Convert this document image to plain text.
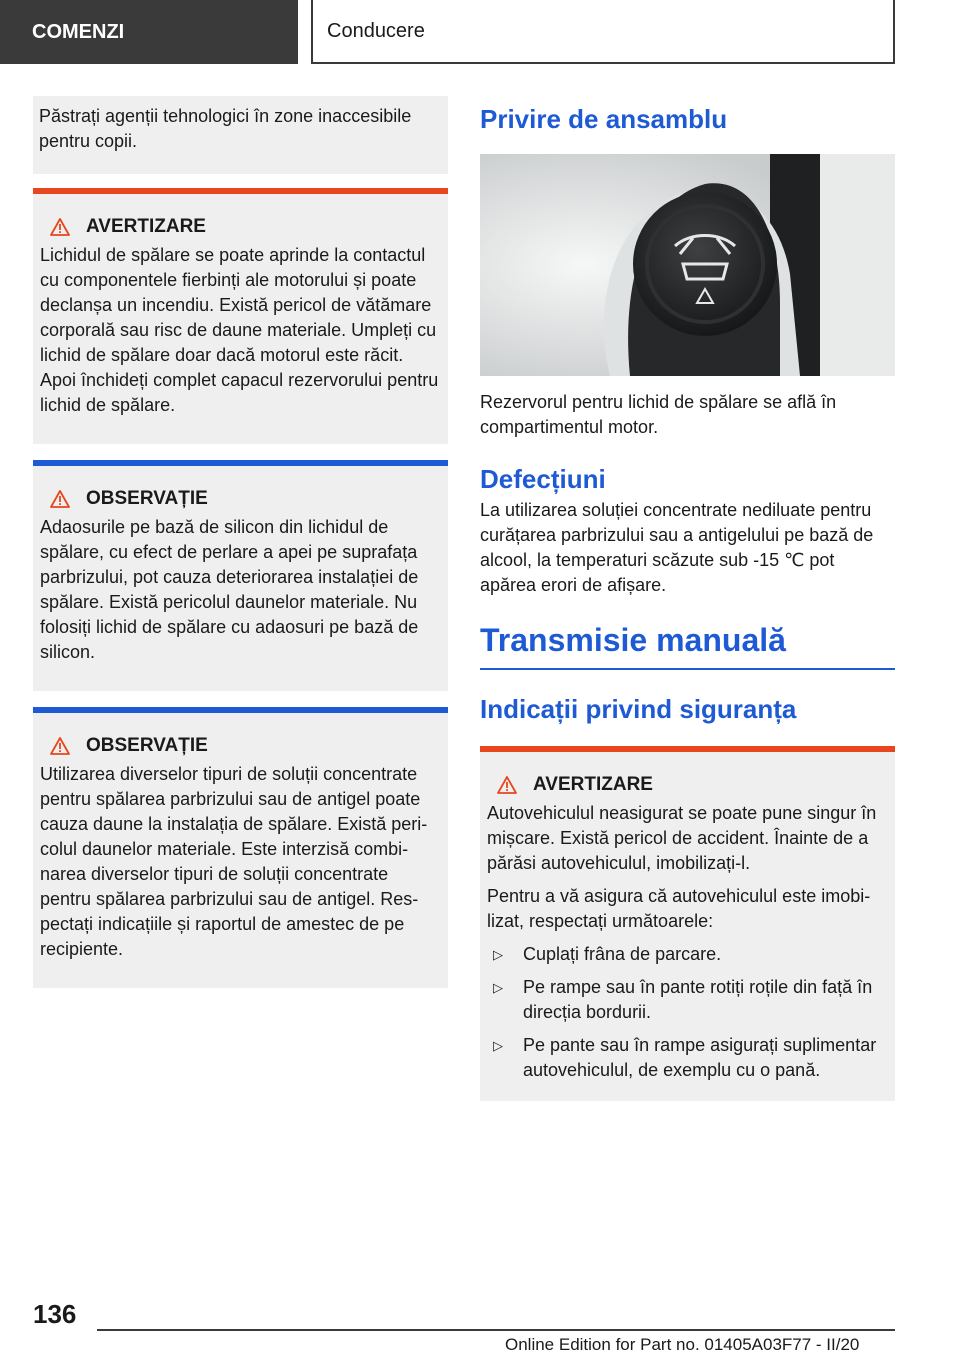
COMENZI	Conducere
Păstrați agenții tehnologici în zone inaccesibile pentru copii.
AVERTIZARE

Lichidul de spălare se poate aprinde la contactul cu componentele fierbinți ale motorului și poate declanșa un incendiu. Există pericol de vătămare corporală sau risc de daune materiale. Umpleți cu lichid de spălare doar dacă motorul este răcit. Apoi închideți complet capacul rezervorului pentru lichid de spălare.

OBSERVAȚIE

Adaosurile pe bază de silicon din lichidul de spălare, cu efect de perlare a apei pe suprafața parbrizului, pot cauza deteriorarea instalației de spălare. Există pericolul daunelor materiale. Nu folosiți lichid de spălare cu adaosuri pe bază de silicon.

OBSERVAȚIE

Utilizarea diverselor tipuri de soluții concentrate pentru spălarea parbrizului sau de antigel poate cauza daune la instalația de spălare. Există pericolul daunelor materiale. Este interzisă combinarea diverselor tipuri de soluții concentrate pentru spălarea parbrizului sau de antigel. Respectați indicațiile și raportul de amestec de pe recipiente.

Privire de ansamblu

Rezervorul pentru lichid de spălare se află în compartimentul motor.

Defecțiuni

La utilizarea soluției concentrate nediluate pentru curățarea parbrizului sau a antigelului pe bază de alcool, la temperaturi scăzute sub -15 ℃ pot apărea erori de afișare.

Transmisie manuală
Indicații privind siguranța
AVERTIZARE

Autovehiculul neasigurat se poate pune singur în mișcare. Există pericol de accident. Înainte de a părăsi autovehiculul, imobilizați-l.

Pentru a vă asigura că autovehiculul este imobilizat, respectați următoarele:

▷	Cuplați frâna de parcare.
▷	Pe rampe sau în pante rotiți roțile din față în direcția bordurii.
▷	Pe pante sau în rampe asigurați suplimentar autovehiculul, de exemplu cu o pană.
136
Online Edition for Part no. 01405A03F77 - II/20
